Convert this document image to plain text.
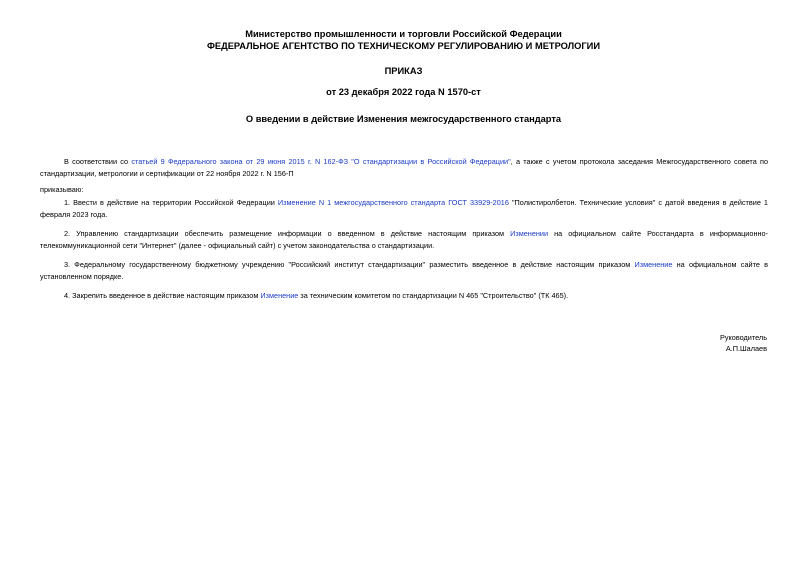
Министерство промышленности и торговли Российской Федерации
ФЕДЕРАЛЬНОЕ АГЕНТСТВО ПО ТЕХНИЧЕСКОМУ РЕГУЛИРОВАНИЮ И МЕТРОЛОГИИ
ПРИКАЗ
от 23 декабря 2022 года N 1570-ст
О введении в действие Изменения межгосударственного стандарта
В соответствии со статьей 9 Федерального закона от 29 июня 2015 г. N 162-ФЗ "О стандартизации в Российской Федерации", а также с учетом протокола заседания Межгосударственного совета по стандартизации, метрологии и сертификации от 22 ноября 2022 г. N 156-П
приказываю:
1. Ввести в действие на территории Российской Федерации Изменение N 1 межгосударственного стандарта ГОСТ 33929-2016 "Полистиролбетон. Технические условия" с датой введения в действие 1 февраля 2023 года.
2. Управлению стандартизации обеспечить размещение информации о введенном в действие настоящим приказом Изменении на официальном сайте Росстандарта в информационно-телекоммуникационной сети "Интернет" (далее - официальный сайт) с учетом законодательства о стандартизации.
3. Федеральному государственному бюджетному учреждению "Российский институт стандартизации" разместить введенное в действие настоящим приказом Изменение на официальном сайте в установленном порядке.
4. Закрепить введенное в действие настоящим приказом Изменение за техническим комитетом по стандартизации N 465 "Строительство" (ТК 465).
Руководитель
А.П.Шалаев
